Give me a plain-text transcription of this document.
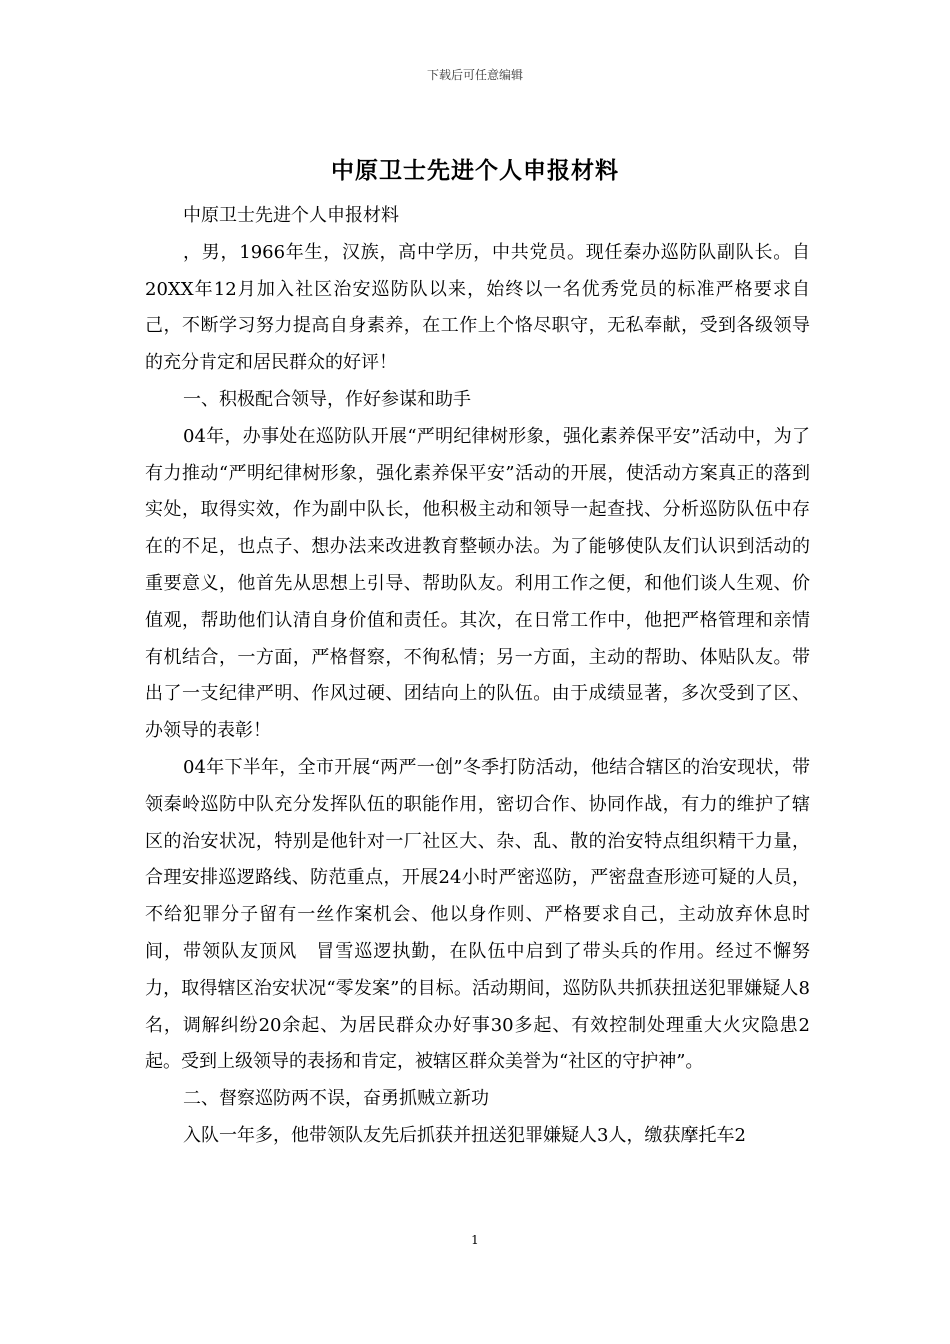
下载后可任意编辑
中原卫士先进个人申报材料

中原卫士先进个人申报材料

，男，1966年生，汉族，高中学历，中共党员。现任秦办巡防队副队长。自20XX年12月加入社区治安巡防队以来，始终以一名优秀党员的标准严格要求自己，不断学习努力提高自身素养，在工作上个恪尽职守，无私奉献，受到各级领导的充分肯定和居民群众的好评！

一、积极配合领导，作好参谋和助手

04年，办事处在巡防队开展“严明纪律树形象，强化素养保平安”活动中，为了有力推动“严明纪律树形象，强化素养保平安”活动的开展，使活动方案真正的落到实处，取得实效，作为副中队长，他积极主动和领导一起查找、分析巡防队伍中存在的不足，也点子、想办法来改进教育整顿办法。为了能够使队友们认识到活动的重要意义，他首先从思想上引导、帮助队友。利用工作之便，和他们谈人生观、价值观，帮助他们认清自身价值和责任。其次，在日常工作中，他把严格管理和亲情有机结合，一方面，严格督察，不徇私情；另一方面，主动的帮助、体贴队友。带出了一支纪律严明、作风过硬、团结向上的队伍。由于成绩显著，多次受到了区、办领导的表彰！

04年下半年，全市开展“两严一创”冬季打防活动，他结合辖区的治安现状，带领秦岭巡防中队充分发挥队伍的职能作用，密切合作、协同作战，有力的维护了辖区的治安状况，特别是他针对一厂社区大、杂、乱、散的治安特点组织精干力量，合理安排巡逻路线、防范重点，开展24小时严密巡防，严密盘查形迹可疑的人员，不给犯罪分子留有一丝作案机会、他以身作则、严格要求自己，主动放弃休息时间，带领队友顶风　冒雪巡逻执勤，在队伍中启到了带头兵的作用。经过不懈努力，取得辖区治安状况“零发案”的目标。活动期间，巡防队共抓获扭送犯罪嫌疑人8名，调解纠纷20余起、为居民群众办好事30多起、有效控制处理重大火灾隐患2起。受到上级领导的表扬和肯定，被辖区群众美誉为“社区的守护神”。

二、督察巡防两不误，奋勇抓贼立新功

入队一年多，他带领队友先后抓获并扭送犯罪嫌疑人3人，缴获摩托车2

1
